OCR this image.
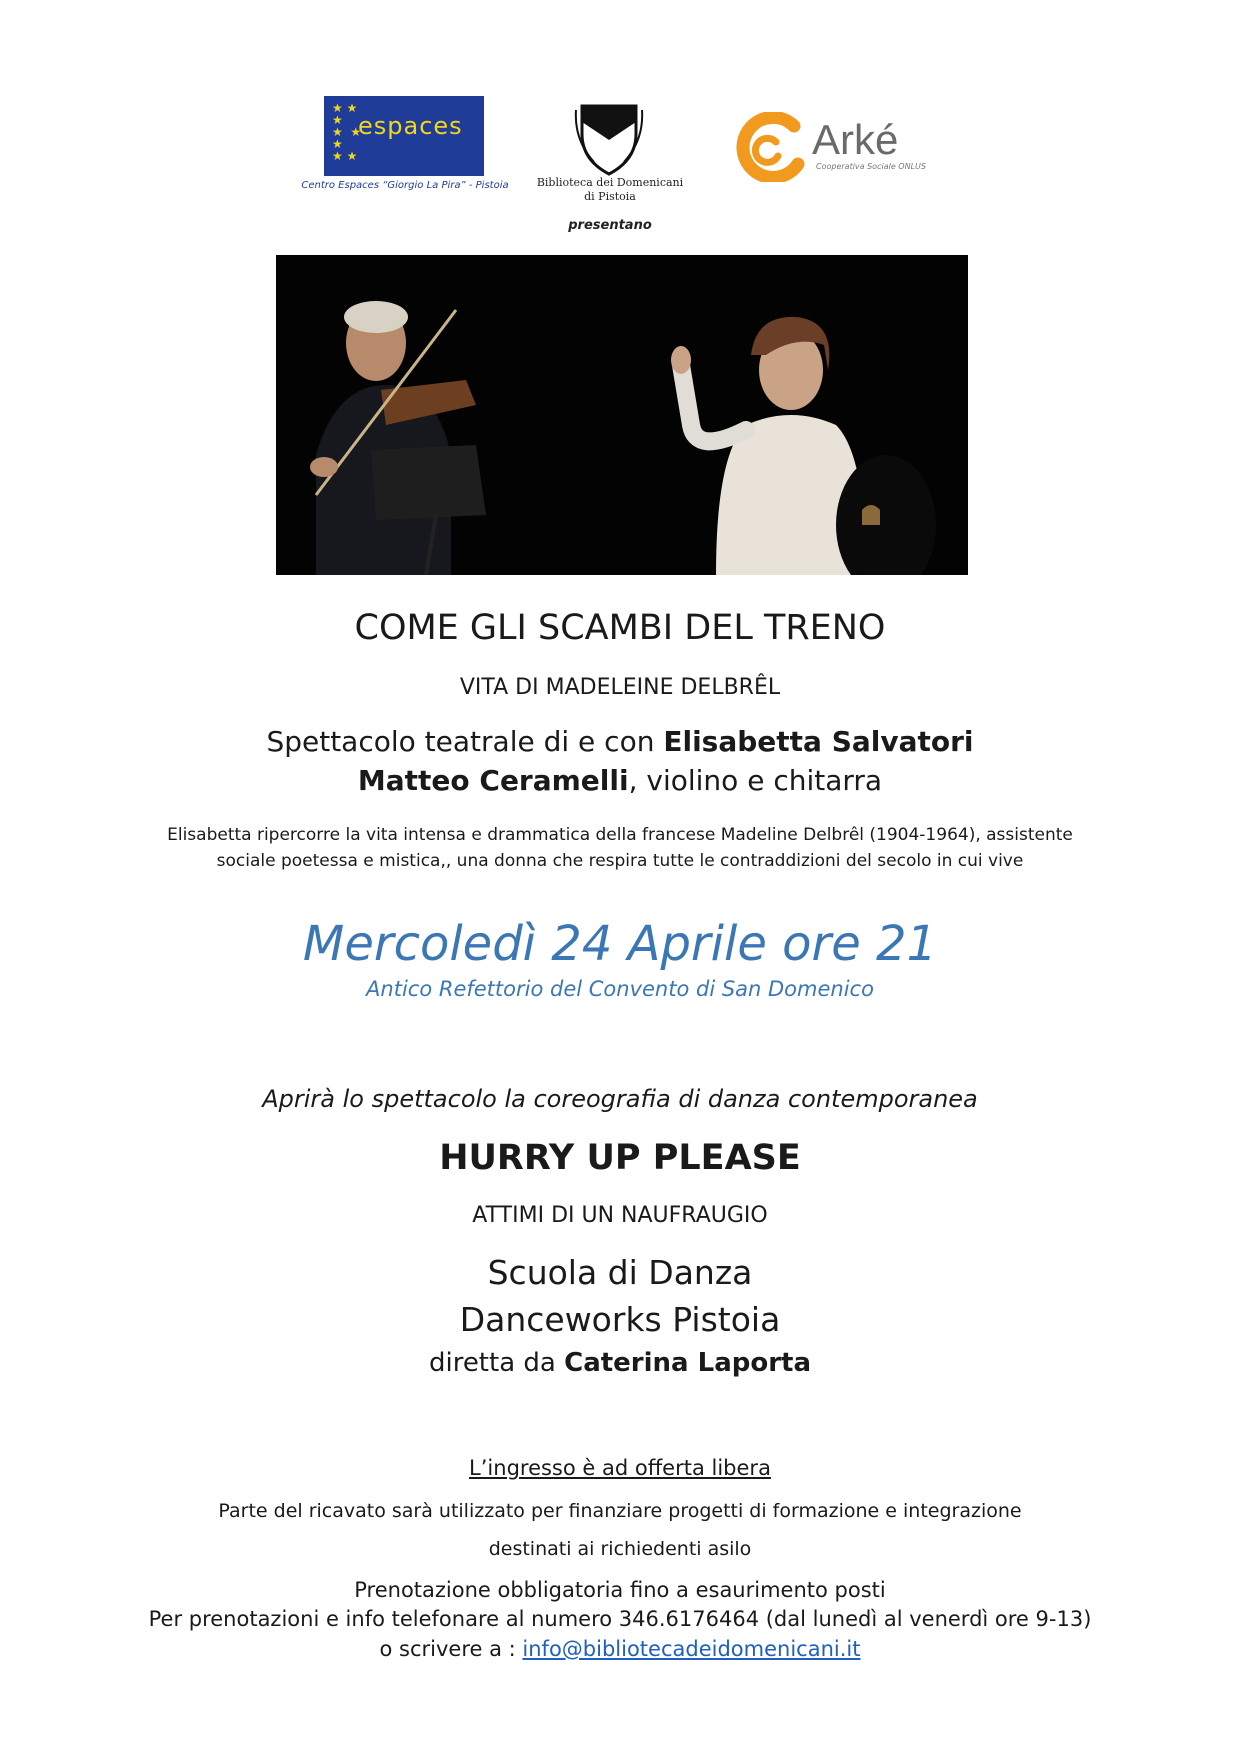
★ ★
★
★  ★
★
★ ★
espaces
Centro Espaces “Giorgio La Pira” - Pistoia	Biblioteca dei Domenicani
di Pistoia
presentano
Arké
Cooperativa Sociale ONLUS
COME GLI SCAMBI DEL TRENO
VITA DI MADELEINE DELBRÊL
Spettacolo teatrale di e con Elisabetta Salvatori
Matteo Ceramelli, violino e chitarra
Elisabetta ripercorre la vita intensa e drammatica della francese Madeline Delbrêl (1904-1964), assistente
sociale poetessa e mistica,, una donna che respira tutte le contraddizioni del secolo in cui vive
Mercoledì 24 Aprile ore 21
Antico Refettorio del Convento di San Domenico
Aprirà lo spettacolo la coreografia di danza contemporanea
HURRY UP PLEASE
ATTIMI DI UN NAUFRAUGIO
Scuola di Danza
Danceworks Pistoia
diretta da Caterina Laporta
L’ingresso è ad offerta libera
Parte del ricavato sarà utilizzato per finanziare progetti di formazione e integrazione
destinati ai richiedenti asilo
Prenotazione obbligatoria fino a esaurimento posti
Per prenotazioni e info telefonare al numero 346.6176464 (dal lunedì al venerdì ore 9-13)
o scrivere a : info@bibliotecadeidomenicani.it
